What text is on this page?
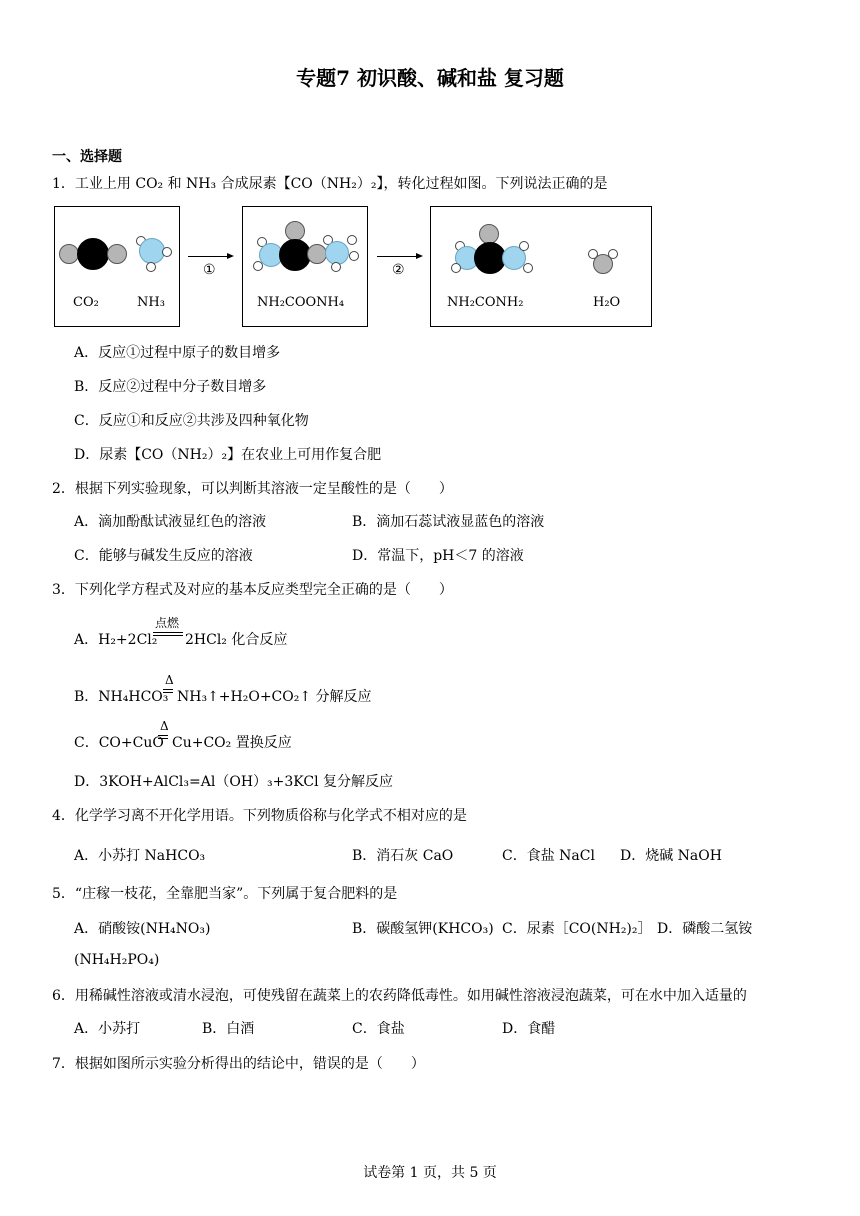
专题7 初识酸、碱和盐 复习题
一、选择题
1．工业上用 CO₂ 和 NH₃ 合成尿素【CO（NH₂）₂】，转化过程如图。下列说法正确的是
CO₂	NH₃
①
NH₂COONH₄
②
NH₂CONH₂	H₂O
A．反应①过程中原子的数目增多
B．反应②过程中分子数目增多
C．反应①和反应②共涉及四种氧化物
D．尿素【CO（NH₂）₂】在农业上可用作复合肥
2．根据下列实验现象，可以判断其溶液一定呈酸性的是（　　）
A．滴加酚酞试液显红色的溶液	B．滴加石蕊试液显蓝色的溶液
C．能够与碱发生反应的溶液	D．常温下，pH＜7 的溶液
3．下列化学方程式及对应的基本反应类型完全正确的是（　　）
A．H₂+2Cl₂
点燃
2HCl₂ 化合反应
B．NH₄HCO₃
Δ
NH₃↑+H₂O+CO₂↑ 分解反应
C．CO+CuO
Δ
Cu+CO₂ 置换反应
D．3KOH+AlCl₃=Al（OH）₃+3KCl 复分解反应
4．化学学习离不开化学用语。下列物质俗称与化学式不相对应的是
A．小苏打 NaHCO₃	B．消石灰 CaO	C．食盐 NaCl D．烧碱 NaOH
5．“庄稼一枝花，全靠肥当家”。下列属于复合肥料的是
A．硝酸铵(NH₄NO₃)	B．碳酸氢钾(KHCO₃) C．尿素［CO(NH₂)₂］ D．磷酸二氢铵
(NH₄H₂PO₄)
6．用稀碱性溶液或清水浸泡，可使残留在蔬菜上的农药降低毒性。如用碱性溶液浸泡蔬菜，可在水中加入适量的
A．小苏打	B．白酒	C．食盐	D．食醋
7．根据如图所示实验分析得出的结论中，错误的是（　　）
试卷第 1 页，共 5 页
